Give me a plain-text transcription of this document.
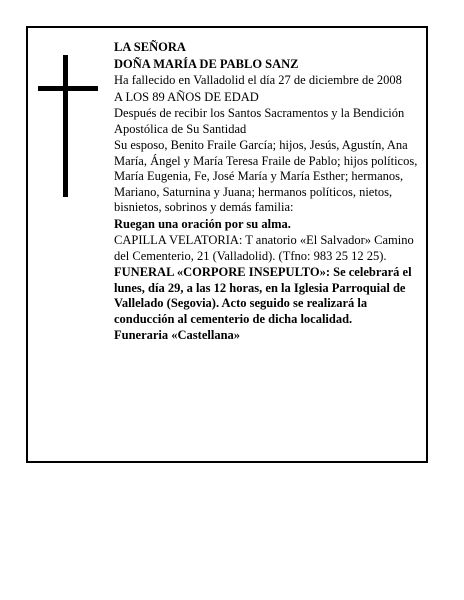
LA SEÑORA

DOÑA MARÍA DE PABLO SANZ

Ha fallecido en Valladolid el día 27 de diciembre de 2008

A LOS 89 AÑOS DE EDAD

Después de recibir los Santos Sacramentos y la Bendición Apostólica de Su Santidad

Su esposo, Benito Fraile García; hijos, Jesús, Agustín, Ana María, Ángel y María Teresa Fraile de Pablo; hijos políticos, María Eugenia, Fe, José María y María Esther; hermanos, Mariano, Saturnina y Juana; hermanos políticos, nietos, bisnietos, sobrinos y demás familia:

Ruegan una oración por su alma.

CAPILLA VELATORIA: T anatorio «El Salvador» Camino del Cementerio, 21 (Valladolid). (Tfno: 983 25 12 25).

FUNERAL «CORPORE INSEPULTO»: Se celebrará el lunes, día 29, a las 12 horas, en la Iglesia Parroquial de Vallelado (Segovia). Acto seguido se realizará la conducción al cementerio de dicha localidad.

Funeraria «Castellana»
